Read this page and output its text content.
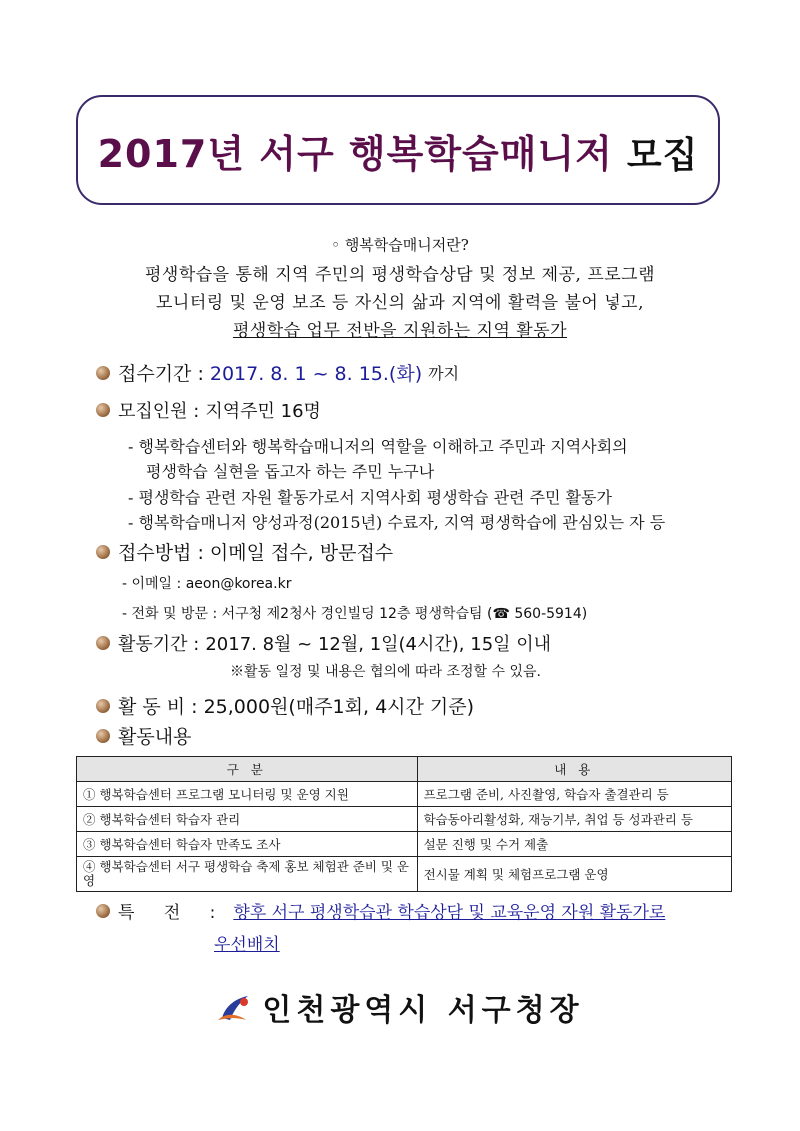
2017년 서구 행복학습매니저 모집
◦ 행복학습매니저란?
평생학습을 통해 지역 주민의 평생학습상담 및 정보 제공, 프로그램
모니터링 및 운영 보조 등 자신의 삶과 지역에 활력을 불어 넣고,
평생학습 업무 전반을 지원하는 지역 활동가
접수기간 : 2017. 8. 1 ~ 8. 15.(화) 까지
모집인원 : 지역주민 16명
- 행복학습센터와 행복학습매니저의 역할을 이해하고 주민과 지역사회의
평생학습 실현을 돕고자 하는 주민 누구나
- 평생학습 관련 자원 활동가로서 지역사회 평생학습 관련 주민 활동가
- 행복학습매니저 양성과정(2015년) 수료자, 지역 평생학습에 관심있는 자 등
접수방법 : 이메일 접수, 방문접수
- 이메일 : aeon@korea.kr
- 전화 및 방문 : 서구청 제2청사 경인빌딩 12층 평생학습팀 (☎ 560-5914)
활동기간 : 2017. 8월 ~ 12월, 1일(4시간), 15일 이내
※활동 일정 및 내용은 협의에 따라 조정할 수 있음.
활 동 비 : 25,000원(매주1회, 4시간 기준)
활동내용
구 분	내 용
① 행복학습센터 프로그램 모니터링 및 운영 지원	프로그램 준비, 사진촬영, 학습자 출결관리 등
② 행복학습센터 학습자 관리	학습동아리활성화, 재능기부, 취업 등 성과관리 등
③ 행복학습센터 학습자 만족도 조사	설문 진행 및 수거 제출
④ 행복학습센터 서구 평생학습 축제 홍보 체험관 준비 및 운영	전시물 계획 및 체험프로그램 운영
특 전 : 향후 서구 평생학습관 학습상담 및 교육운영 자원 활동가로
우선배치
인천광역시 서구청장
